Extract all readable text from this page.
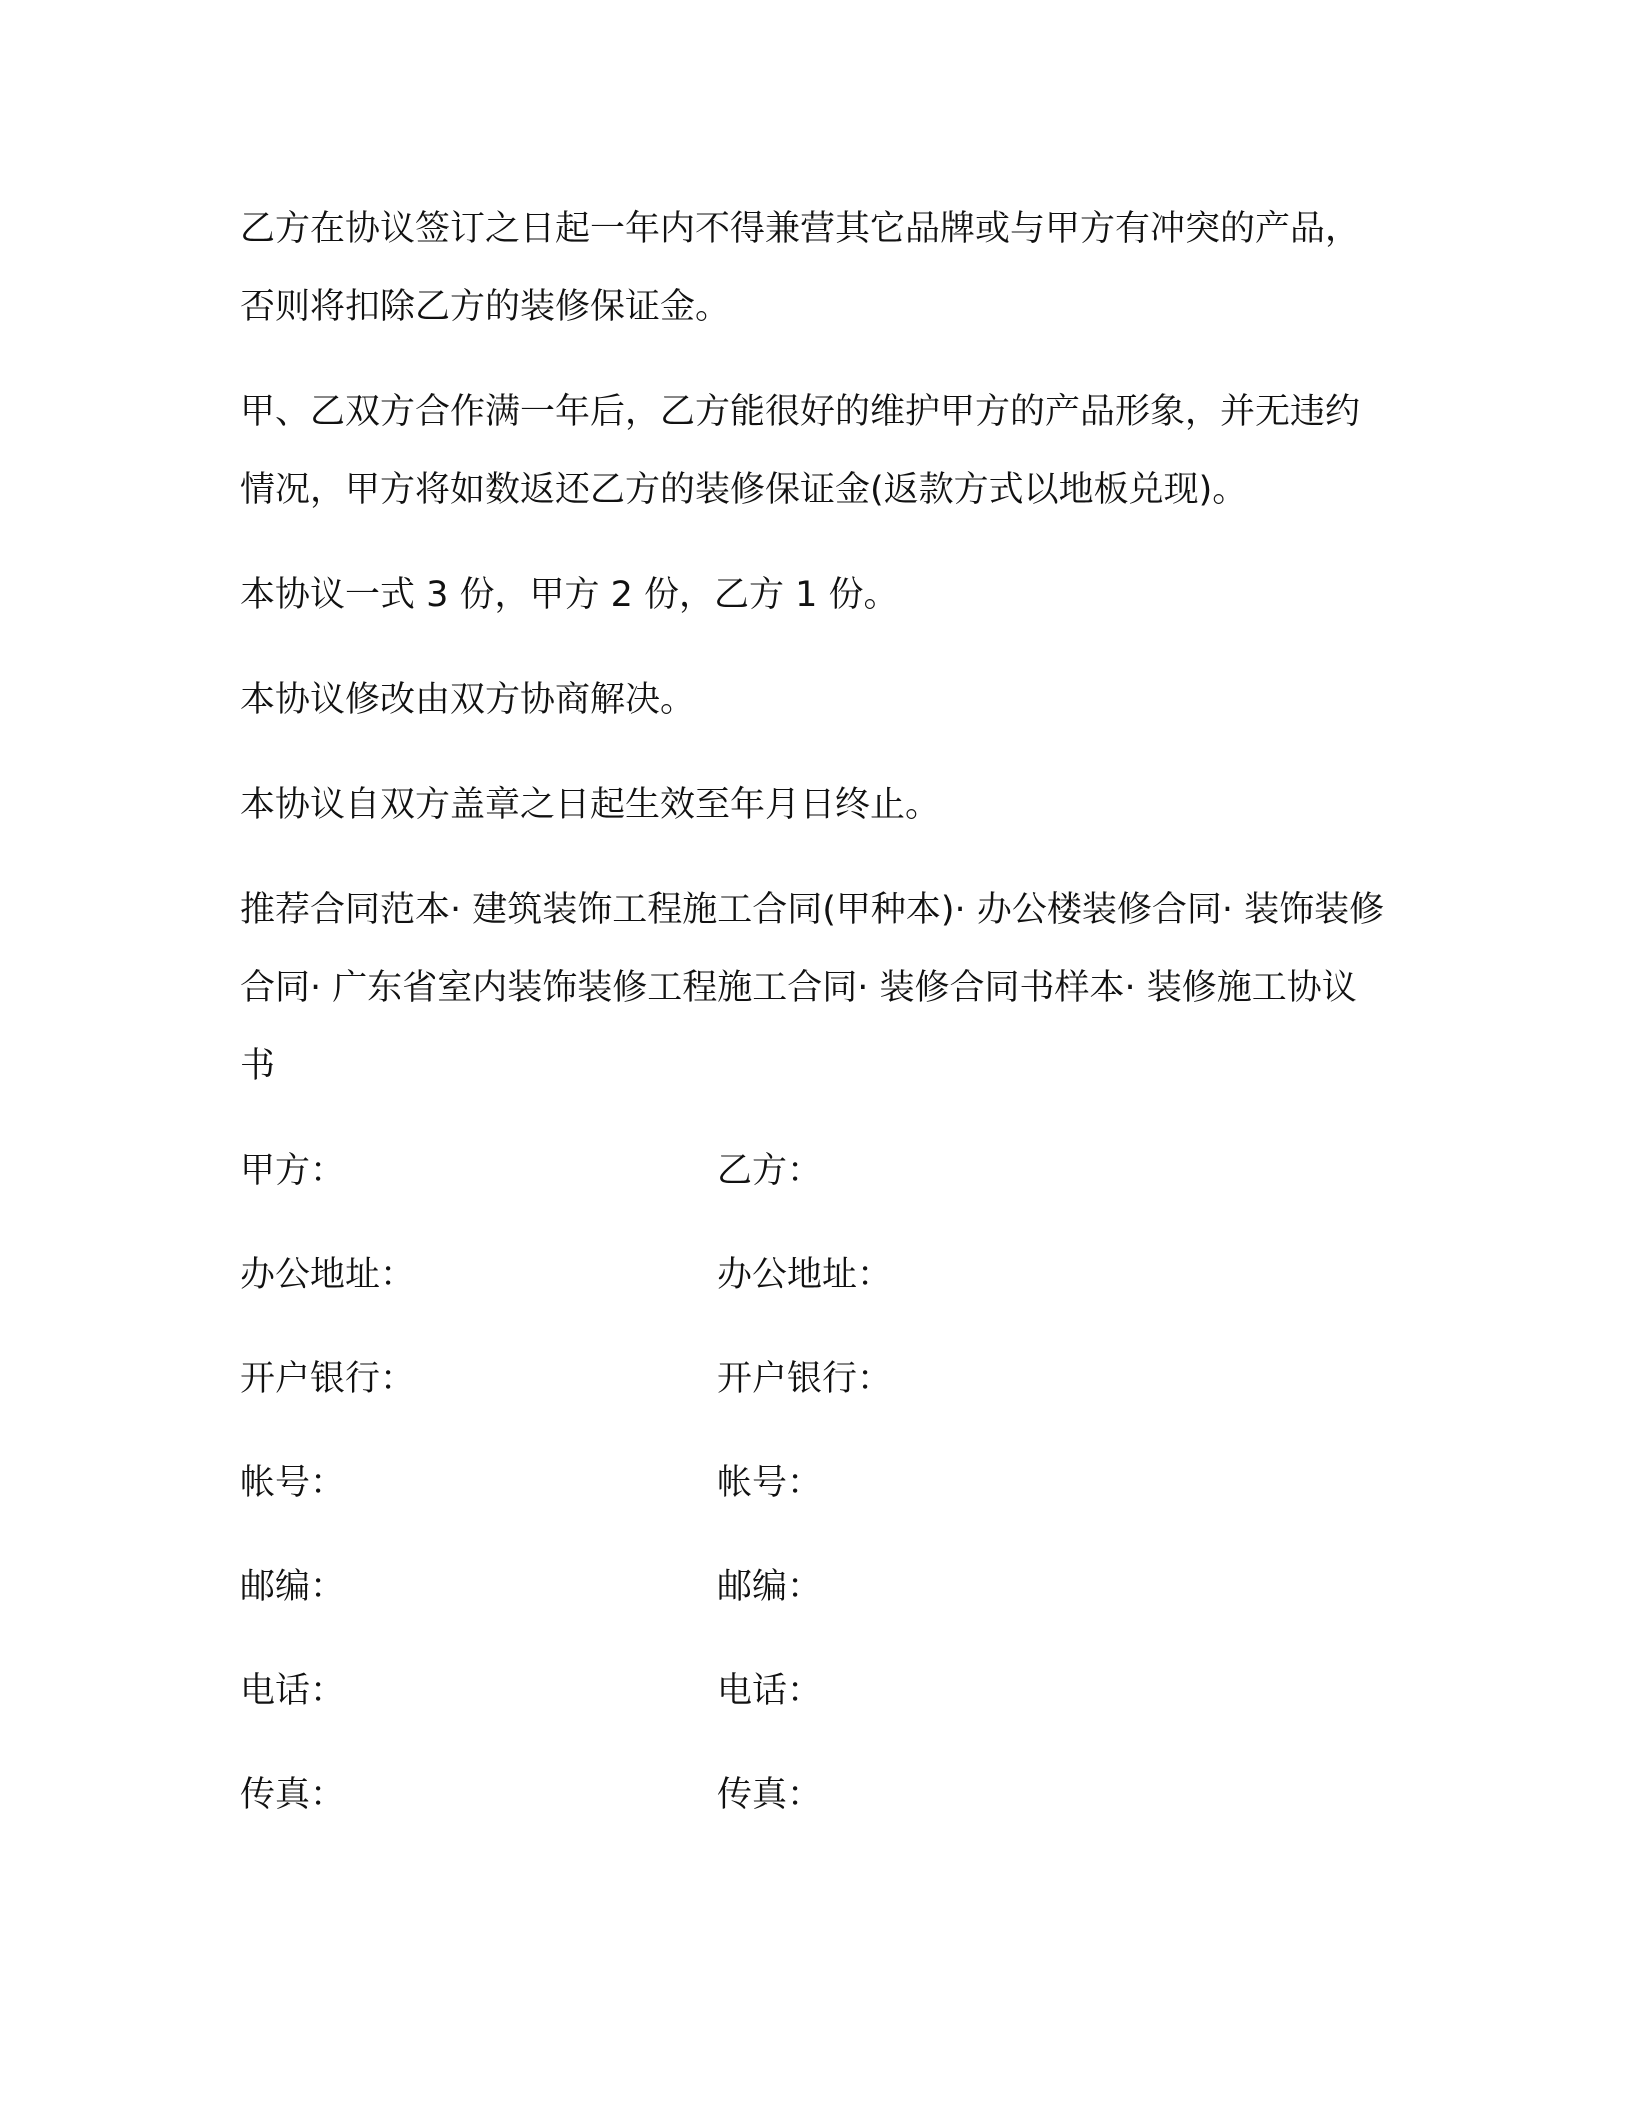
乙方在协议签订之日起一年内不得兼营其它品牌或与甲方有冲突的产品，否则将扣除乙方的装修保证金。

甲、乙双方合作满一年后，乙方能很好的维护甲方的产品形象，并无违约情况，甲方将如数返还乙方的装修保证金(返款方式以地板兑现)。

本协议一式 3 份，甲方 2 份，乙方 1 份。

本协议修改由双方协商解决。

本协议自双方盖章之日起生效至年月日终止。

推荐合同范本· 建筑装饰工程施工合同(甲种本)· 办公楼装修合同· 装饰装修合同· 广东省室内装饰装修工程施工合同· 装修合同书样本· 装修施工协议书

甲方：	乙方：
办公地址：	办公地址：
开户银行：	开户银行：
帐号：	帐号：
邮编：	邮编：
电话：	电话：
传真：	传真：
